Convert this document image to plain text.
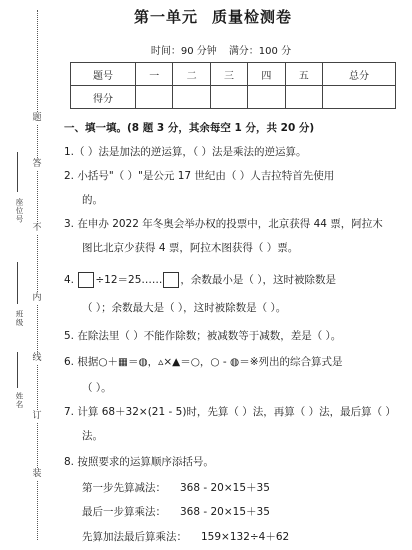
题
答
不
内
线
订
装
座位号
班级
姓名
第一单元 质量检测卷
时间：90 分钟 满分：100 分
题号	一	二	三	四	五	总分
得分						
一、填一填。(8 题 3 分，其余每空 1 分，共 20 分)
1.（ ）法是加法的逆运算，（ ）法是乘法的逆运算。
2. 小括号"（ ）"是公元 17 世纪由（ ）人吉拉特首先使用
的。
3. 在申办 2022 年冬奥会举办权的投票中，北京获得 44 票，阿拉木
图比北京少获得 4 票，阿拉木图获得（ ）票。
4. ÷12＝25…… ，余数最小是（ ），这时被除数是
（ ）；余数最大是（ ），这时被除数是（ ）。
5. 在除法里（ ）不能作除数；被减数等于减数，差是（ ）。
6. 根据○＋▦＝◍，▵×▲＝○，○ - ◍＝※列出的综合算式是
（ ）。
7. 计算 68＋32×(21 - 5)时，先算（ ）法，再算（ ）法，最后算（ ）
法。
8. 按照要求的运算顺序添括号。
第一步先算减法： 368 - 20×15＋35
最后一步算乘法： 368 - 20×15＋35
先算加法最后算乘法： 159×132÷4＋62
